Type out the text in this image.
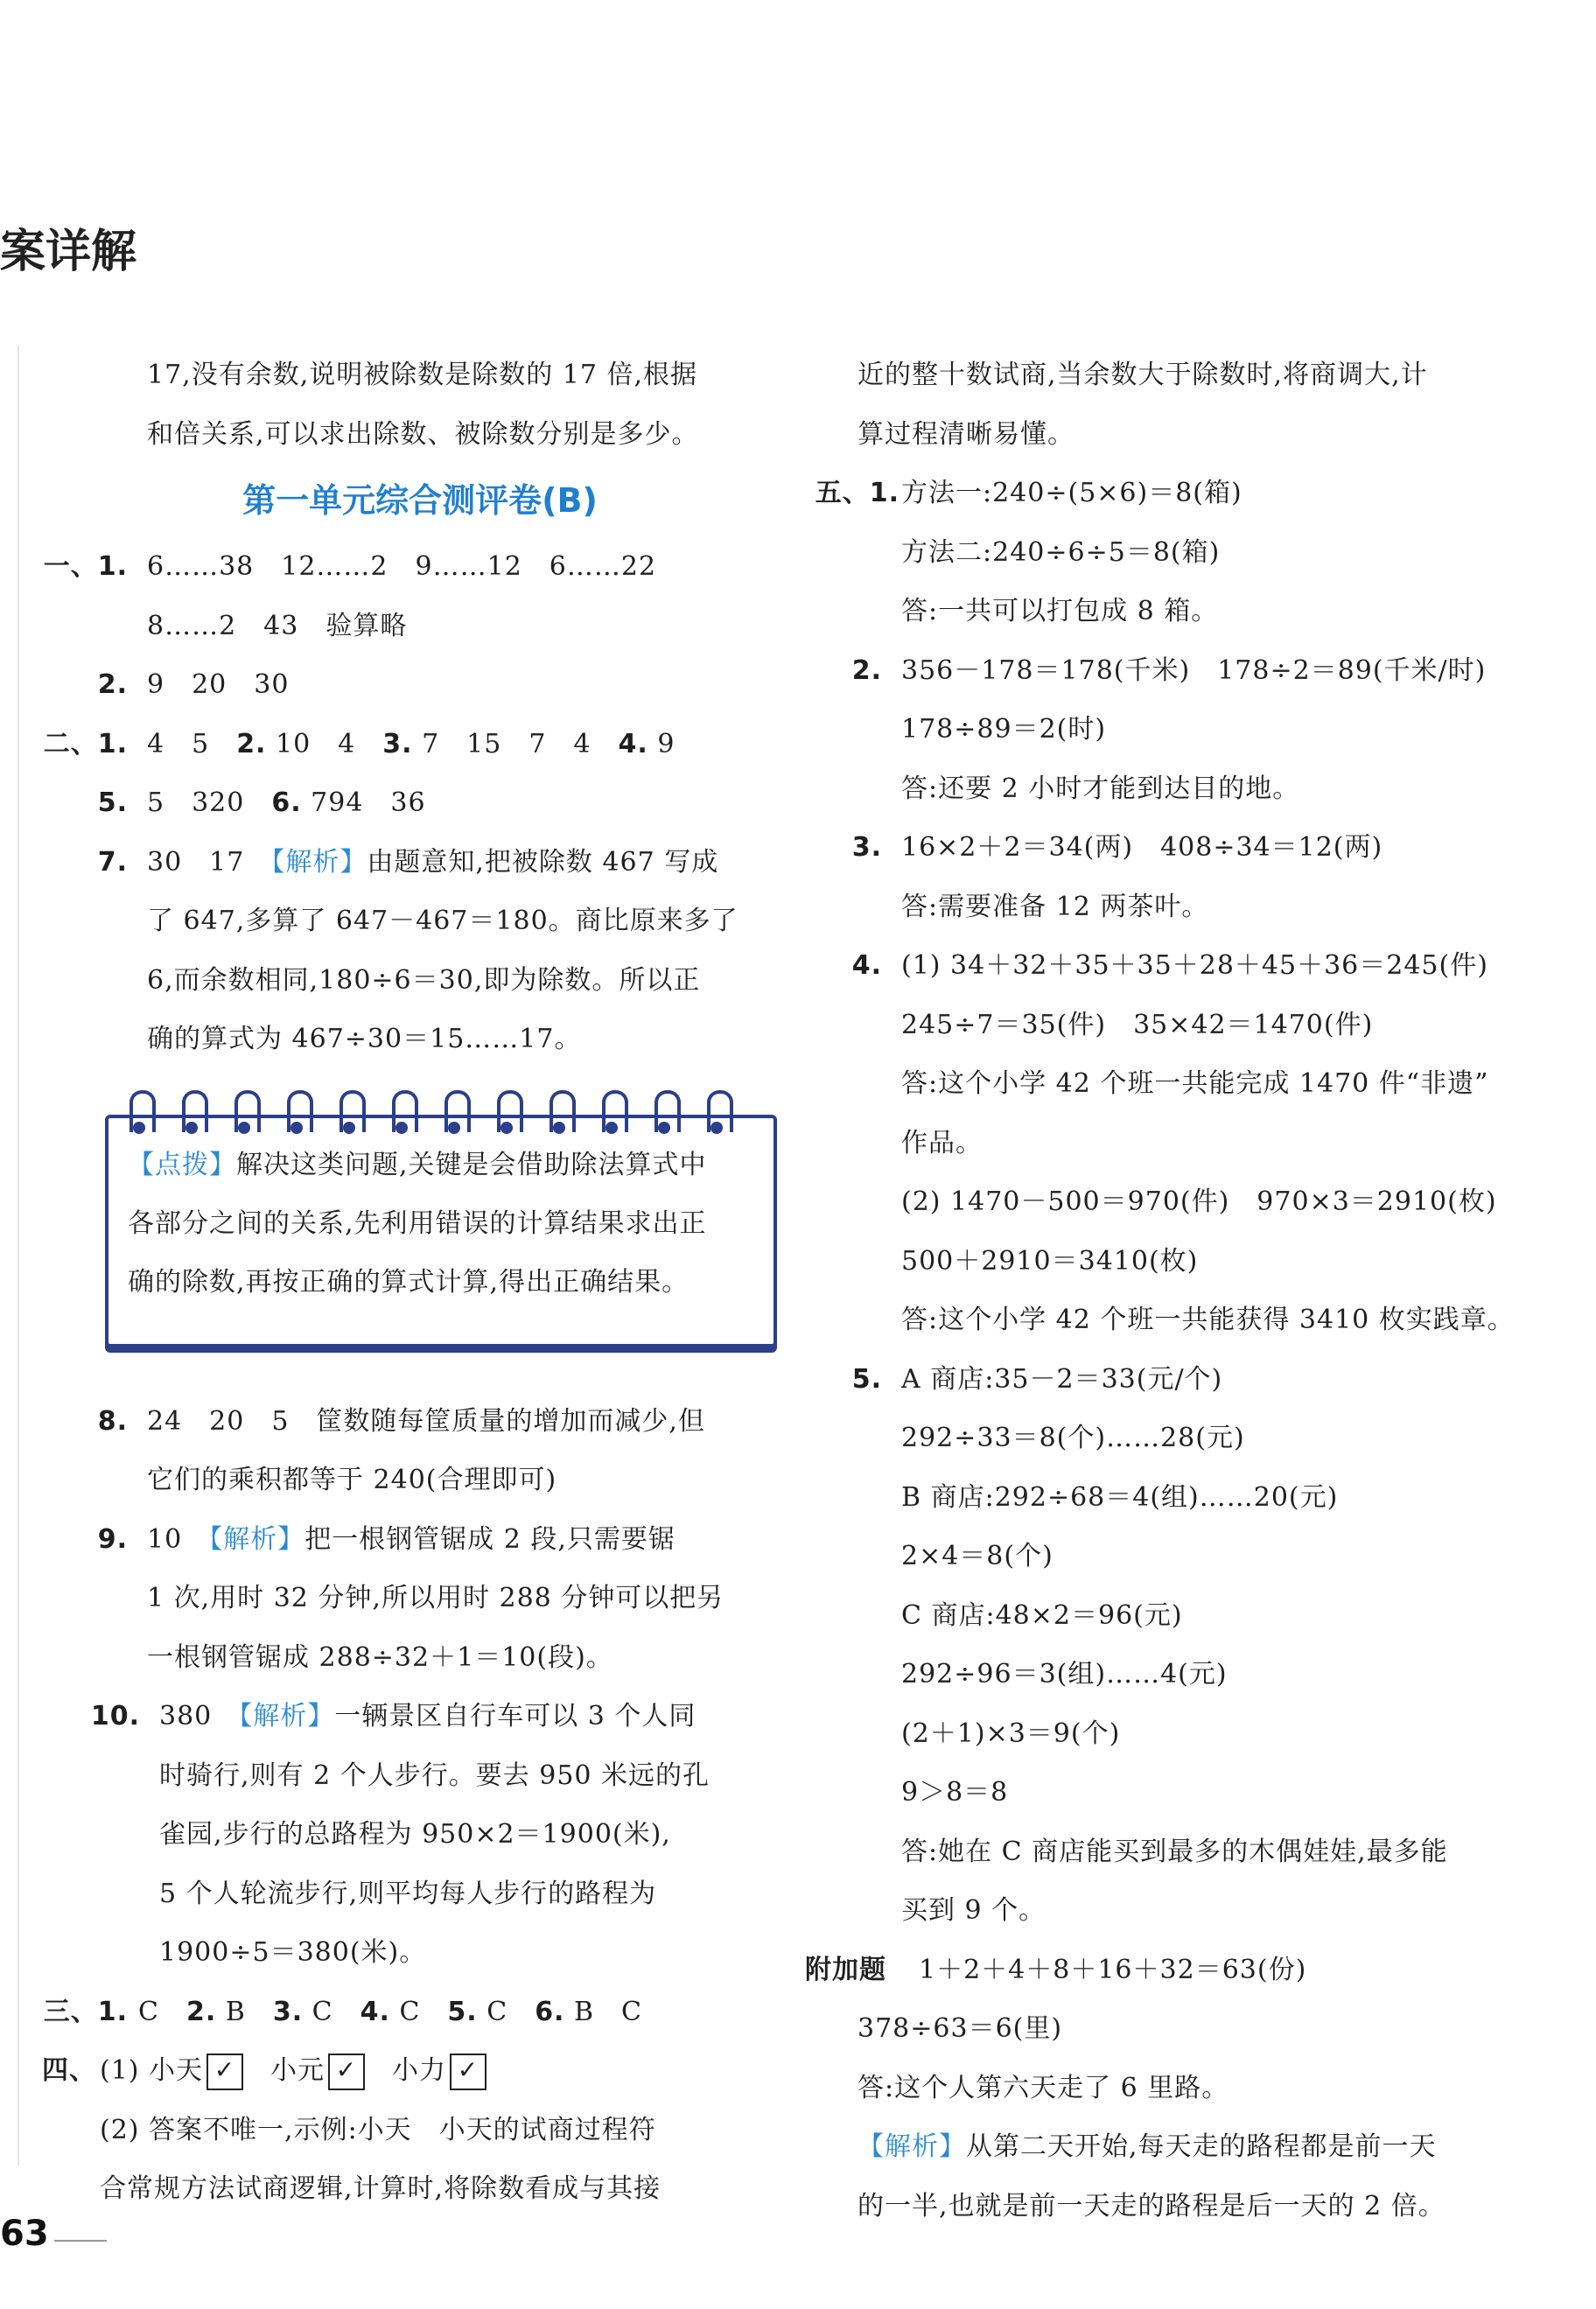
案详解
17,没有余数,说明被除数是除数的 17 倍,根据
和倍关系,可以求出除数、被除数分别是多少。
第一单元综合测评卷(B)
一、1. 6……38　12……2　9……12　6……22
8……2　43　验算略
2. 9　20　30
二、1. 4　5　2. 10　4　3. 7　15　7　4　4. 9
5. 5　320　6. 794　36
7. 30　17　【解析】由题意知,把被除数 467 写成
了 647,多算了 647－467＝180。商比原来多了
6,而余数相同,180÷6＝30,即为除数。所以正
确的算式为 467÷30＝15……17。
【点拨】解决这类问题,关键是会借助除法算式中
各部分之间的关系,先利用错误的计算结果求出正
确的除数,再按正确的算式计算,得出正确结果。
8. 24　20　5　筐数随每筐质量的增加而减少,但
它们的乘积都等于 240(合理即可)
9. 10　【解析】把一根钢管锯成 2 段,只需要锯
1 次,用时 32 分钟,所以用时 288 分钟可以把另
一根钢管锯成 288÷32＋1＝10(段)。
10. 380　【解析】一辆景区自行车可以 3 个人同
时骑行,则有 2 个人步行。要去 950 米远的孔
雀园,步行的总路程为 950×2＝1900(米),
5 个人轮流步行,则平均每人步行的路程为
1900÷5＝380(米)。
三、1. C　2. B　3. C　4. C　5. C　6. B　C
四、 (1) 小天 ✓　小元 ✓　小力 ✓
(2) 答案不唯一,示例:小天　小天的试商过程符
合常规方法试商逻辑,计算时,将除数看成与其接
近的整十数试商,当余数大于除数时,将商调大,计
算过程清晰易懂。
五、1. 方法一:240÷(5×6)＝8(箱)
方法二:240÷6÷5＝8(箱)
答:一共可以打包成 8 箱。
2. 356－178＝178(千米)　178÷2＝89(千米/时)
178÷89＝2(时)
答:还要 2 小时才能到达目的地。
3. 16×2＋2＝34(两)　408÷34＝12(两)
答:需要准备 12 两茶叶。
4. (1) 34＋32＋35＋35＋28＋45＋36＝245(件)
245÷7＝35(件)　35×42＝1470(件)
答:这个小学 42 个班一共能完成 1470 件“非遗”
作品。
(2) 1470－500＝970(件)　970×3＝2910(枚)
500＋2910＝3410(枚)
答:这个小学 42 个班一共能获得 3410 枚实践章。
5. A 商店:35－2＝33(元/个)
292÷33＝8(个)……28(元)
B 商店:292÷68＝4(组)……20(元)
2×4＝8(个)
C 商店:48×2＝96(元)
292÷96＝3(组)……4(元)
(2＋1)×3＝9(个)
9＞8＝8
答:她在 C 商店能买到最多的木偶娃娃,最多能
买到 9 个。
附加题 1＋2＋4＋8＋16＋32＝63(份)
378÷63＝6(里)
答:这个人第六天走了 6 里路。
【解析】从第二天开始,每天走的路程都是前一天
的一半,也就是前一天走的路程是后一天的 2 倍。
63
